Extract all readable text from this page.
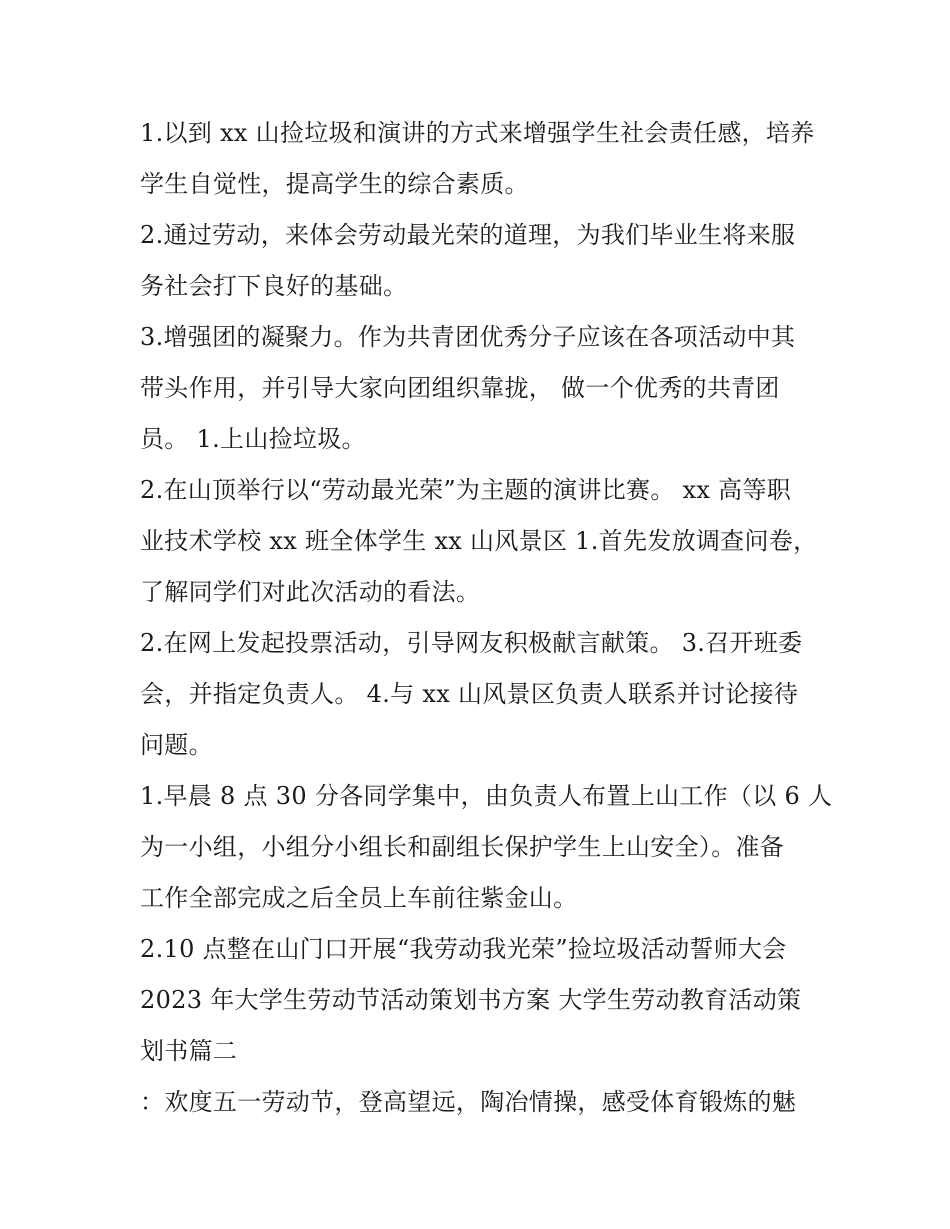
1.以到 xx 山捡垃圾和演讲的方式来增强学生社会责任感，培养
学生自觉性，提高学生的综合素质。
2.通过劳动，来体会劳动最光荣的道理，为我们毕业生将来服
务社会打下良好的基础。
3.增强团的凝聚力。作为共青团优秀分子应该在各项活动中其
带头作用，并引导大家向团组织靠拢， 做一个优秀的共青团
员。 1.上山捡垃圾。
2.在山顶举行以“劳动最光荣”为主题的演讲比赛。 xx 高等职
业技术学校 xx 班全体学生 xx 山风景区 1.首先发放调查问卷，
了解同学们对此次活动的看法。
2.在网上发起投票活动，引导网友积极献言献策。 3.召开班委
会，并指定负责人。 4.与 xx 山风景区负责人联系并讨论接待
问题。
1.早晨 8 点 30 分各同学集中，由负责人布置上山工作（以 6 人
为一小组，小组分小组长和副组长保护学生上山安全）。准备
工作全部完成之后全员上车前往紫金山。
2.10 点整在山门口开展“我劳动我光荣”捡垃圾活动誓师大会
2023 年大学生劳动节活动策划书方案 大学生劳动教育活动策
划书篇二
：欢度五一劳动节，登高望远，陶冶情操，感受体育锻炼的魅
